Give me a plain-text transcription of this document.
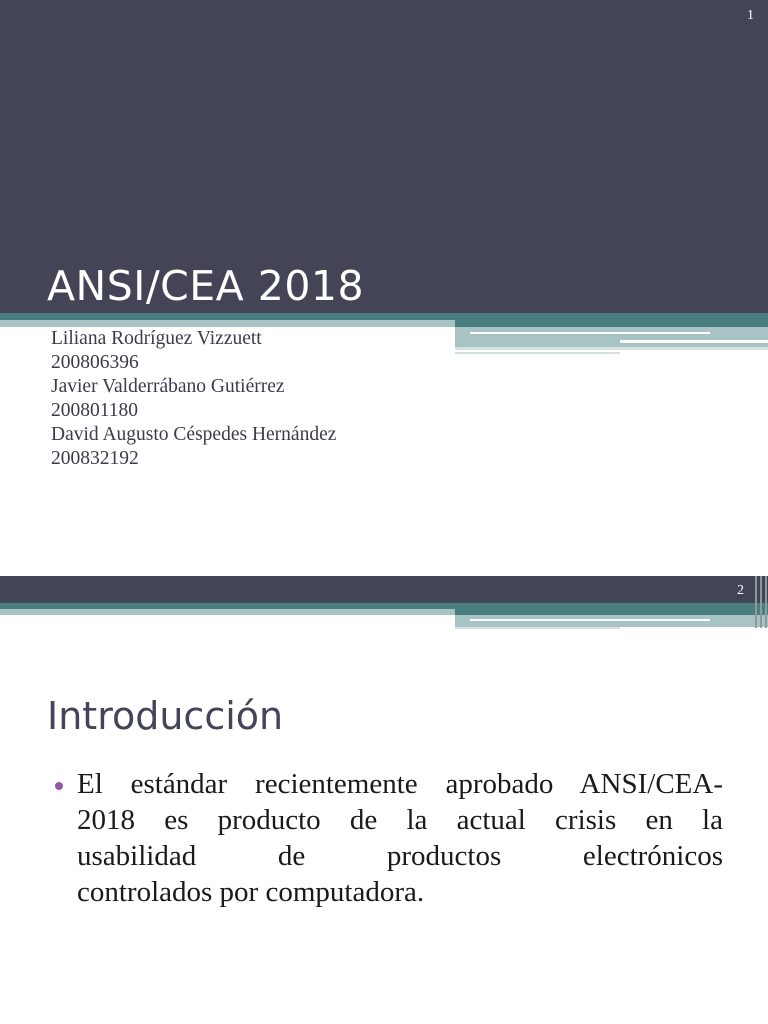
1
ANSI/CEA 2018
Liliana Rodríguez Vizzuett
200806396
Javier Valderrábano Gutiérrez
200801180
David Augusto Céspedes Hernández
200832192
2
Introducción
El estándar recientemente aprobado ANSI/CEA-
2018 es producto de la actual crisis en la
usabilidad de productos electrónicos
controlados por computadora.
